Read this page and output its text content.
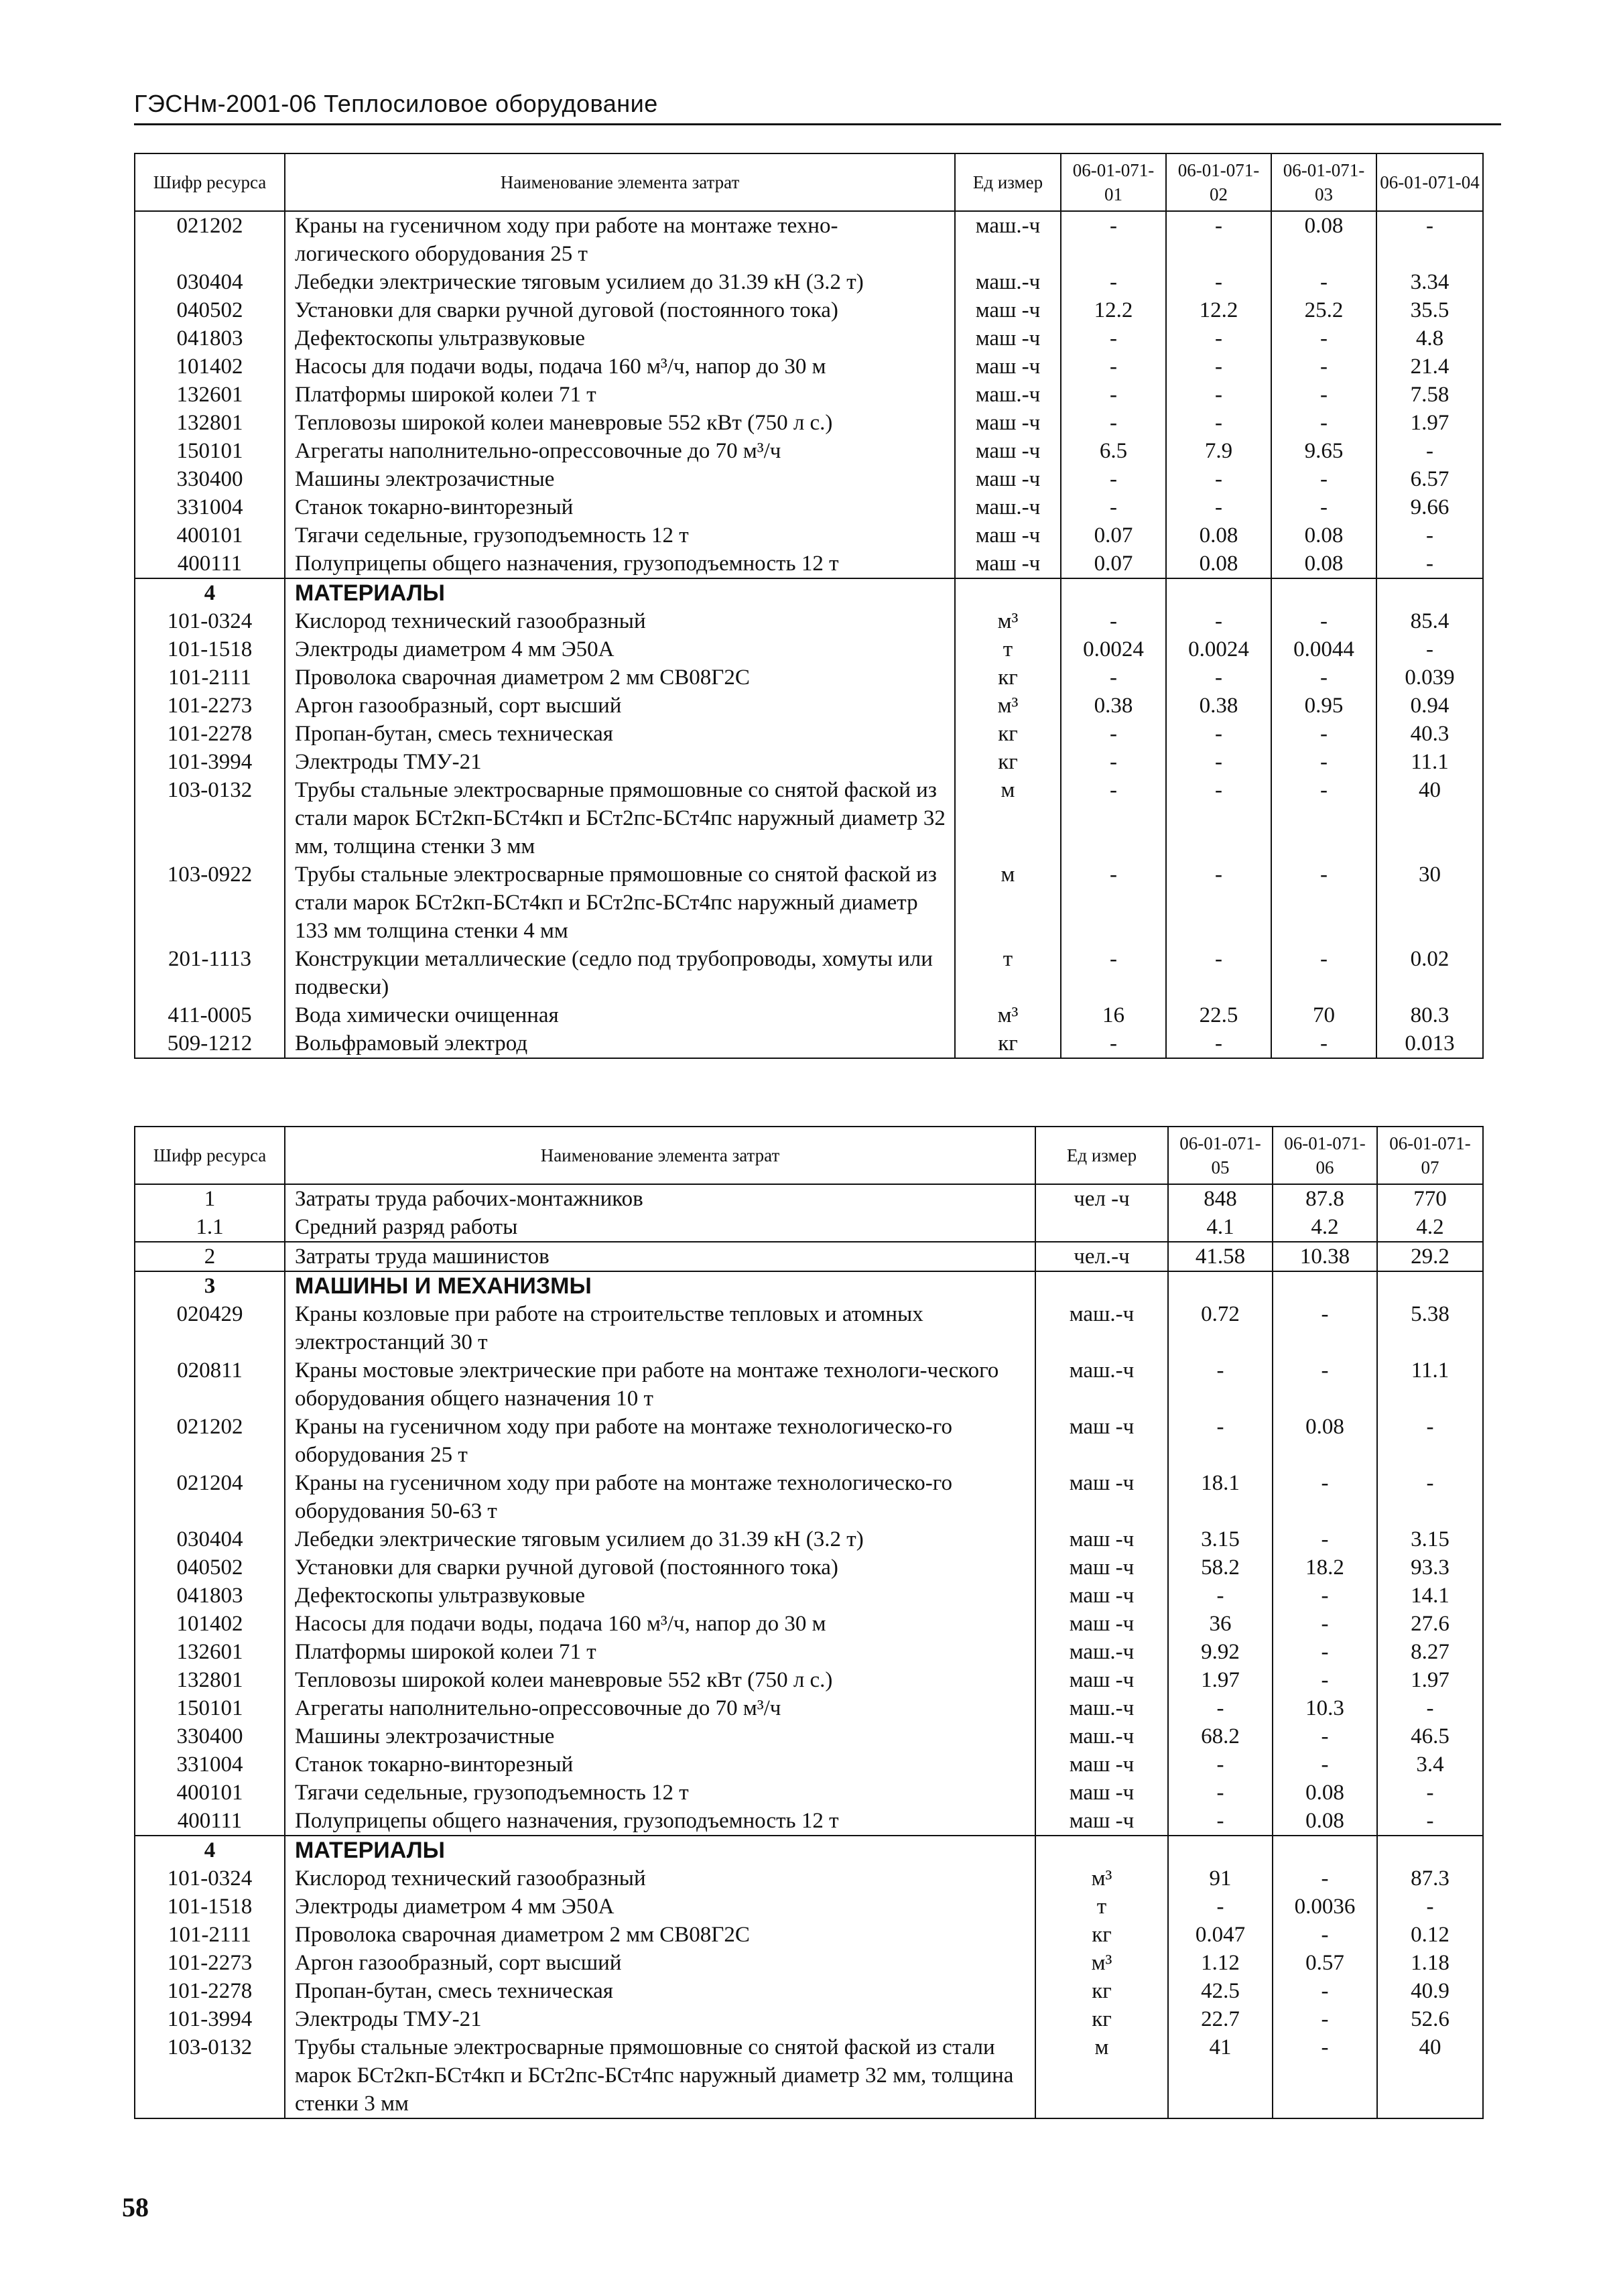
ГЭСНм-2001-06 Теплосиловое оборудование
Шифр ресурса	Наименование элемента затрат	Ед измер	06-01-071-01	06-01-071-02	06-01-071-03	06-01-071-04
021202	Краны на гусеничном ходу при работе на монтаже техно-логического оборудования 25 т	маш.-ч	-	-	0.08	-
030404	Лебедки электрические тяговым усилием до 31.39 кН (3.2 т)	маш.-ч	-	-	-	3.34
040502	Установки для сварки ручной дуговой (постоянного тока)	маш -ч	12.2	12.2	25.2	35.5
041803	Дефектоскопы ультразвуковые	маш -ч	-	-	-	4.8
101402	Насосы для подачи воды, подача 160 м³/ч, напор до 30 м	маш -ч	-	-	-	21.4
132601	Платформы широкой колеи 71 т	маш.-ч	-	-	-	7.58
132801	Тепловозы широкой колеи маневровые 552 кВт (750 л с.)	маш -ч	-	-	-	1.97
150101	Агрегаты наполнительно-опрессовочные до 70 м³/ч	маш -ч	6.5	7.9	9.65	-
330400	Машины электрозачистные	маш -ч	-	-	-	6.57
331004	Станок токарно-винторезный	маш.-ч	-	-	-	9.66
400101	Тягачи седельные, грузоподъемность 12 т	маш -ч	0.07	0.08	0.08	-
400111	Полуприцепы общего назначения, грузоподъемность 12 т	маш -ч	0.07	0.08	0.08	-
4	МАТЕРИАЛЫ					
101-0324	Кислород технический газообразный	м³	-	-	-	85.4
101-1518	Электроды диаметром 4 мм Э50А	т	0.0024	0.0024	0.0044	-
101-2111	Проволока сварочная диаметром 2 мм СВ08Г2С	кг	-	-	-	0.039
101-2273	Аргон газообразный, сорт высший	м³	0.38	0.38	0.95	0.94
101-2278	Пропан-бутан, смесь техническая	кг	-	-	-	40.3
101-3994	Электроды ТМУ-21	кг	-	-	-	11.1
103-0132	Трубы стальные электросварные прямошовные со снятой фаской из стали марок БСт2кп-БСт4кп и БСт2пс-БСт4пс наружный диаметр 32 мм, толщина стенки 3 мм	м	-	-	-	40
103-0922	Трубы стальные электросварные прямошовные со снятой фаской из стали марок БСт2кп-БСт4кп и БСт2пс-БСт4пс наружный диаметр 133 мм толщина стенки 4 мм	м	-	-	-	30
201-1113	Конструкции металлические (седло под трубопроводы, хомуты или подвески)	т	-	-	-	0.02
411-0005	Вода химически очищенная	м³	16	22.5	70	80.3
509-1212	Вольфрамовый электрод	кг	-	-	-	0.013
Шифр ресурса	Наименование элемента затрат	Ед измер	06-01-071-05	06-01-071-06	06-01-071-07
1	Затраты труда рабочих-монтажников	чел -ч	848	87.8	770
1.1	Средний разряд работы		4.1	4.2	4.2
2	Затраты труда машинистов	чел.-ч	41.58	10.38	29.2
3	МАШИНЫ И МЕХАНИЗМЫ				
020429	Краны козловые при работе на строительстве тепловых и атомных электростанций 30 т	маш.-ч	0.72	-	5.38
020811	Краны мостовые электрические при работе на монтаже технологи-ческого оборудования общего назначения 10 т	маш.-ч	-	-	11.1
021202	Краны на гусеничном ходу при работе на монтаже технологическо-го оборудования 25 т	маш -ч	-	0.08	-
021204	Краны на гусеничном ходу при работе на монтаже технологическо-го оборудования 50-63 т	маш -ч	18.1	-	-
030404	Лебедки электрические тяговым усилием до 31.39 кН (3.2 т)	маш -ч	3.15	-	3.15
040502	Установки для сварки ручной дуговой (постоянного тока)	маш -ч	58.2	18.2	93.3
041803	Дефектоскопы ультразвуковые	маш -ч	-	-	14.1
101402	Насосы для подачи воды, подача 160 м³/ч, напор до 30 м	маш -ч	36	-	27.6
132601	Платформы широкой колеи 71 т	маш.-ч	9.92	-	8.27
132801	Тепловозы широкой колеи маневровые 552 кВт (750 л с.)	маш -ч	1.97	-	1.97
150101	Агрегаты наполнительно-опрессовочные до 70 м³/ч	маш.-ч	-	10.3	-
330400	Машины электрозачистные	маш.-ч	68.2	-	46.5
331004	Станок токарно-винторезный	маш -ч	-	-	3.4
400101	Тягачи седельные, грузоподъемность 12 т	маш -ч	-	0.08	-
400111	Полуприцепы общего назначения, грузоподъемность 12 т	маш -ч	-	0.08	-
4	МАТЕРИАЛЫ				
101-0324	Кислород технический газообразный	м³	91	-	87.3
101-1518	Электроды диаметром 4 мм Э50А	т	-	0.0036	-
101-2111	Проволока сварочная диаметром 2 мм СВ08Г2С	кг	0.047	-	0.12
101-2273	Аргон газообразный, сорт высший	м³	1.12	0.57	1.18
101-2278	Пропан-бутан, смесь техническая	кг	42.5	-	40.9
101-3994	Электроды ТМУ-21	кг	22.7	-	52.6
103-0132	Трубы стальные электросварные прямошовные со снятой фаской из стали марок БСт2кп-БСт4кп и БСт2пс-БСт4пс наружный диаметр 32 мм, толщина стенки 3 мм	м	41	-	40
58
